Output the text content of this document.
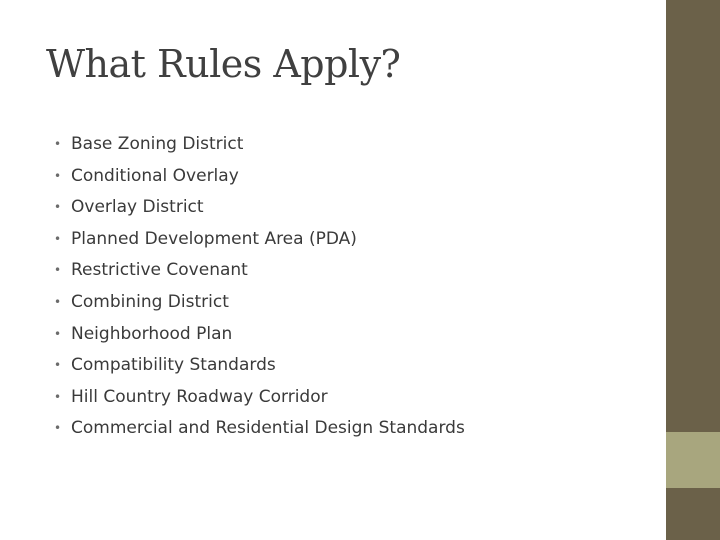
What Rules Apply?
• Base Zoning District
• Conditional Overlay
• Overlay District
• Planned Development Area (PDA)
• Restrictive Covenant
• Combining District
• Neighborhood Plan
• Compatibility Standards
• Hill Country Roadway Corridor
• Commercial and Residential Design Standards
